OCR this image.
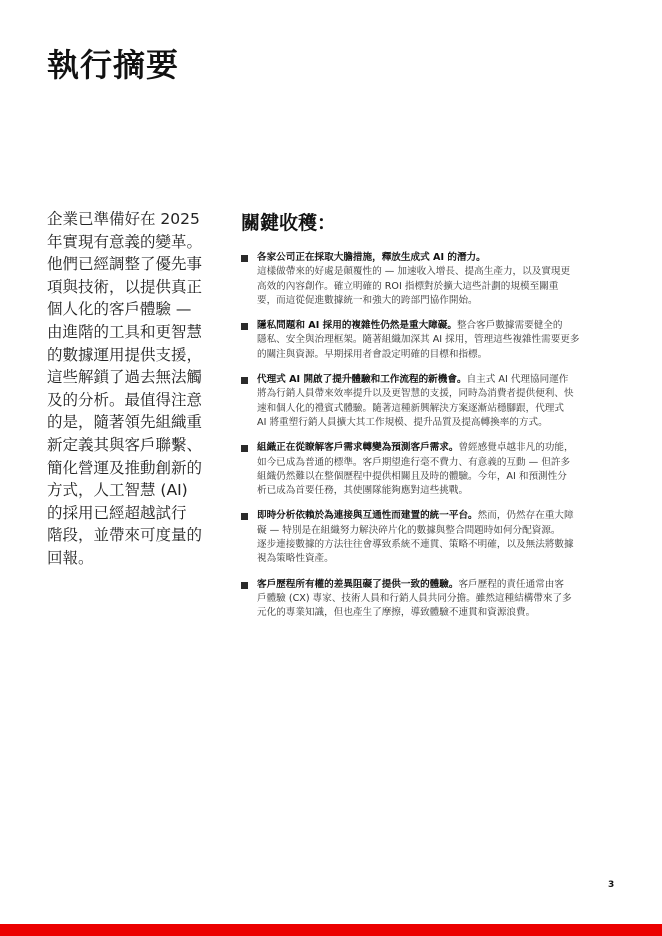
執行摘要

企業已準備好在 2025
年實現有意義的變革。
他們已經調整了優先事
項與技術，以提供真正
個人化的客戶體驗 —
由進階的工具和更智慧
的數據運用提供支援，
這些解鎖了過去無法觸
及的分析。最值得注意
的是，隨著領先組織重
新定義其與客戶聯繫、
簡化營運及推動創新的
方式，人工智慧 (AI)
的採用已經超越試行
階段，並帶來可度量的
回報。

關鍵收穫：
各家公司正在採取大膽措施，釋放生成式 AI 的潛力。
這樣做帶來的好處是顛覆性的 — 加速收入增長、提高生產力，以及實現更
高效的內容創作。確立明確的 ROI 指標對於擴大這些計劃的規模至關重
要，而這從促進數據統一和強大的跨部門協作開始。
隱私問題和 AI 採用的複雜性仍然是重大障礙。整合客戶數據需要健全的
隱私、安全與治理框架。隨著組織加深其 AI 採用，管理這些複雜性需要更多
的關注與資源。早期採用者會設定明確的目標和指標。
代理式 AI 開啟了提升體驗和工作流程的新機會。自主式 AI 代理協同運作
將為行銷人員帶來效率提升以及更智慧的支援，同時為消費者提供便利、快
速和個人化的禮賓式體驗。隨著這種新興解決方案逐漸站穩腳跟，代理式
AI 將重塑行銷人員擴大其工作規模、提升品質及提高轉換率的方式。
組織正在從瞭解客戶需求轉變為預測客戶需求。曾經感覺卓越非凡的功能，
如今已成為普通的標準。客戶期望進行毫不費力、有意義的互動 — 但許多
組織仍然難以在整個歷程中提供相關且及時的體驗。今年，AI 和預測性分
析已成為首要任務，其使團隊能夠應對這些挑戰。
即時分析依賴於為連接與互通性而建置的統一平台。然而，仍然存在重大障
礙 — 特別是在組織努力解決碎片化的數據與整合問題時如何分配資源。
逐步連接數據的方法往往會導致系統不連貫、策略不明確，以及無法將數據
視為策略性資產。
客戶歷程所有權的差異阻礙了提供一致的體驗。客戶歷程的責任通常由客
戶體驗 (CX) 專家、技術人員和行銷人員共同分擔。雖然這種結構帶來了多
元化的專業知識，但也產生了摩擦，導致體驗不連貫和資源浪費。
3
